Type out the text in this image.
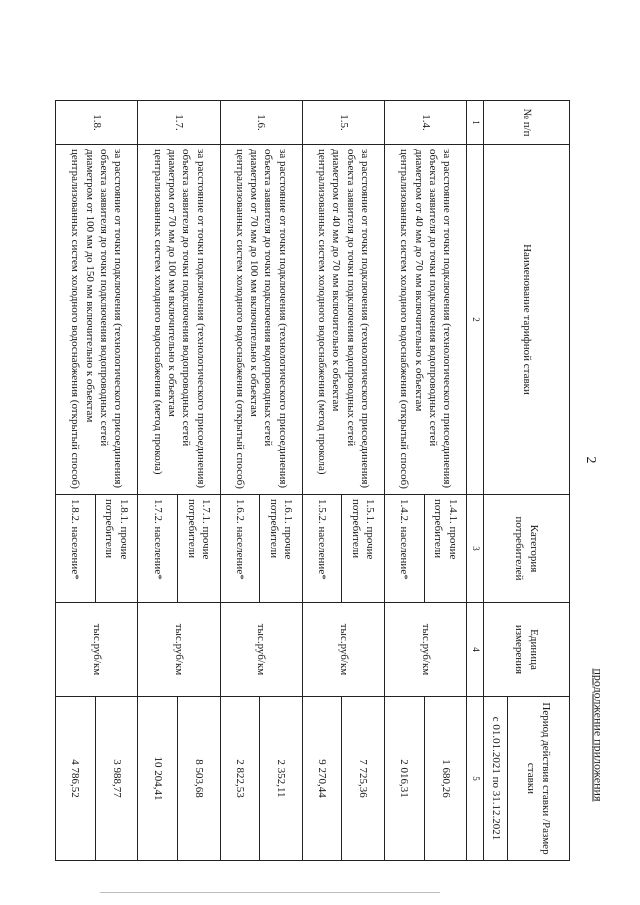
2
продолжение приложения
№ п/п	Наименование тарифной ставки	Категория потребителей	Единица измерения	Период действия ставки /Размер ставки
				с 01.01.2021 по 31.12.2021
1	2	3	4	5
1.4.	за расстояние от точки подключения (технологического присоединения) объекта заявителя до точки подключения водопроводных сетей диаметром от 40 мм до 70 мм включительно к объектам централизованных систем холодного водоснабжения (открытый способ)	1.4.1. прочие потребители	тыс.руб/км	1 680,26
		1.4.2. население*		2 016,31
1.5.	за расстояние от точки подключения (технологического присоединения) объекта заявителя до точки подключения водопроводных сетей диаметром от 40 мм до 70 мм включительно к объектам централизованных систем холодного водоснабжения (метод прокола)	1.5.1. прочие потребители	тыс.руб/км	7 725,36
		1.5.2. население*		9 270,44
1.6.	за расстояние от точки подключения (технологического присоединения) объекта заявителя до точки подключения водопроводных сетей диаметром от 70 мм до 100 мм включительно к объектам централизованных систем холодного водоснабжения (открытый способ)	1.6.1. прочие потребители	тыс.руб/км	2 352,11
		1.6.2. население*		2 822,53
1.7.	за расстояние от точки подключения (технологического присоединения) объекта заявителя до точки подключения водопроводных сетей диаметром от 70 мм до 100 мм включительно к объектам централизованных систем холодного водоснабжения (метод прокола)	1.7.1. прочие потребители	тыс.руб/км	8 503,68
		1.7.2. население*		10 204,41
1.8.	за расстояние от точки подключения (технологического присоединения) объекта заявителя до точки подключения водопроводных сетей диаметром от 100 мм до 150 мм включительно к объектам централизованных систем холодного водоснабжения (открытый способ)	1.8.1. прочие потребители	тыс.руб/км	3 988,77
		1.8.2. население*		4 786,52
